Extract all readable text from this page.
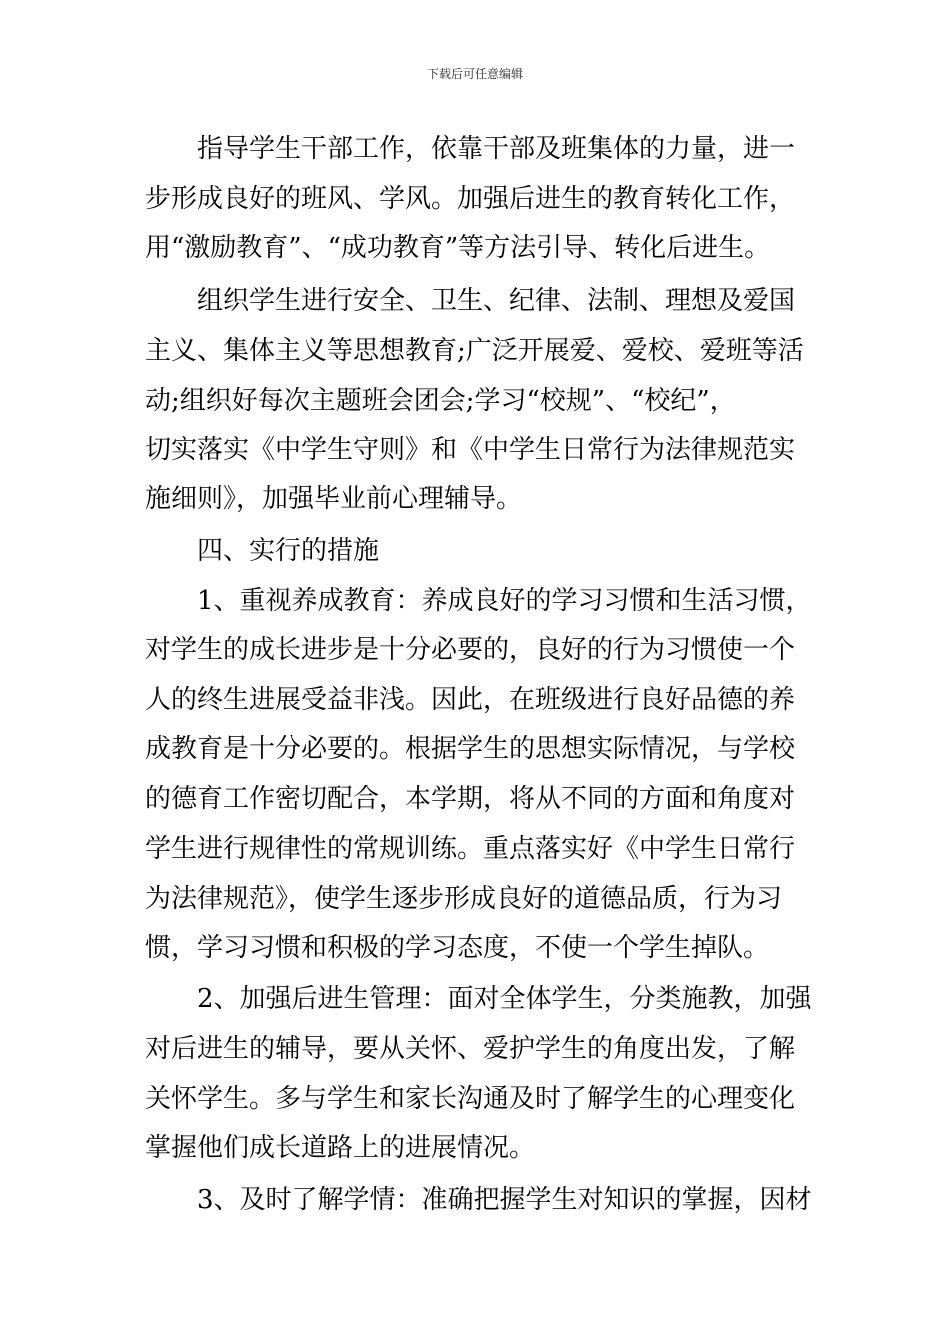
下载后可任意编辑
指导学生干部工作，依靠干部及班集体的力量，进一
步形成良好的班风、学风。加强后进生的教育转化工作，
用“激励教育”、“成功教育”等方法引导、转化后进生。
组织学生进行安全、卫生、纪律、法制、理想及爱国
主义、集体主义等思想教育;广泛开展爱、爱校、爱班等活
动;组织好每次主题班会团会;学习“校规”、“校纪”，
切实落实《中学生守则》和《中学生日常行为法律规范实
施细则》，加强毕业前心理辅导。
四、实行的措施
1、重视养成教育：养成良好的学习习惯和生活习惯，
对学生的成长进步是十分必要的，良好的行为习惯使一个
人的终生进展受益非浅。因此，在班级进行良好品德的养
成教育是十分必要的。根据学生的思想实际情况，与学校
的德育工作密切配合，本学期，将从不同的方面和角度对
学生进行规律性的常规训练。重点落实好《中学生日常行
为法律规范》，使学生逐步形成良好的道德品质，行为习
惯，学习习惯和积极的学习态度，不使一个学生掉队。
2、加强后进生管理：面对全体学生，分类施教，加强
对后进生的辅导，要从关怀、爱护学生的角度出发，了解
关怀学生。多与学生和家长沟通及时了解学生的心理变化
掌握他们成长道路上的进展情况。
3、及时了解学情：准确把握学生对知识的掌握，因材
